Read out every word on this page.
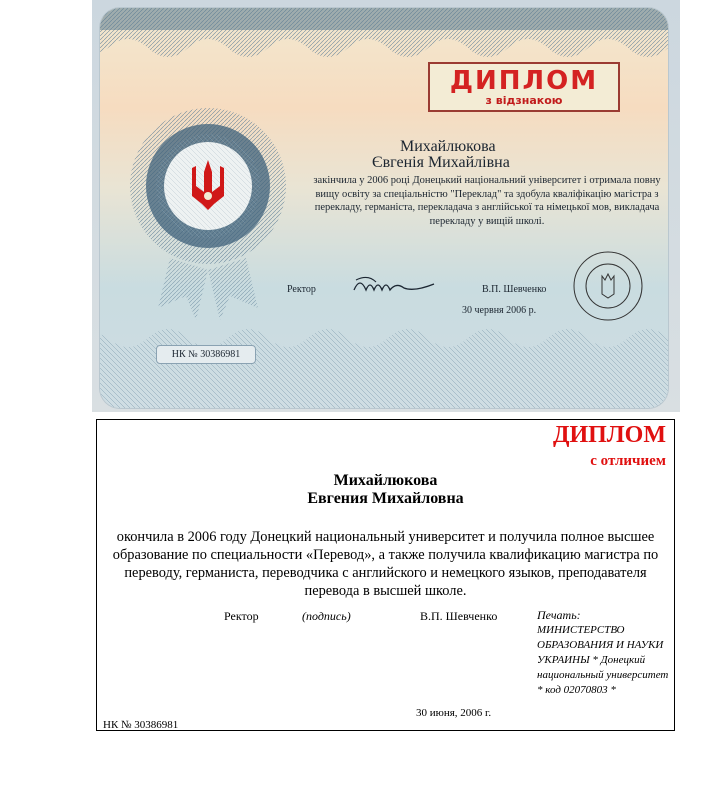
ДИПЛОМ
з відзнакою
Михайлюкова
Євгенія Михайлівна
закінчила у 2006 році Донецький національний університет і отримала повну вищу освіту за спеціальністю "Переклад" та здобула кваліфікацію магістра з перекладу, германіста, перекладача з англійської та німецької мов, викладача перекладу у вищій школі.
Ректор	В.П. Шевченко
30 червня 2006 р.
НК № 30386981
ДИПЛОМ
с отличием
Михайлюкова
Евгения Михайловна
окончила в 2006 году Донецкий национальный университет и получила полное высшее образование по специальности «Перевод», а также получила квалификацию магистра по переводу, германиста, переводчика с английского и немецкого языков, преподавателя перевода в высшей школе.
Ректор	(подпись)	В.П. Шевченко	Печать:
МИНИСТЕРСТВО ОБРАЗОВАНИЯ И НАУКИ УКРАИНЫ * Донецкий национальный университет * код 02070803 *
30 июня, 2006 г.
НК № 30386981
